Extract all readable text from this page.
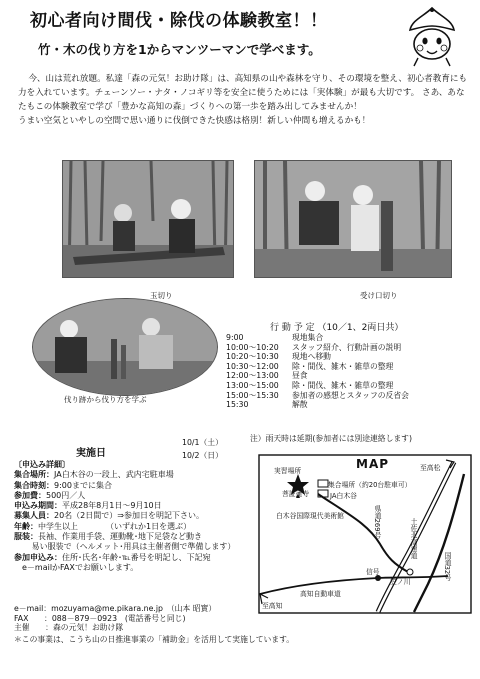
初心者向け間伐・除伐の体験教室！！
竹・木の伐り方を1からマンツーマンで学べます。

今、山は荒れ放題。私達「森の元気！お助け隊」は、高知県の山や森林を守り、その環境を整え、初心者教育にも力を入れています。チェーンソー・ナタ・ノコギリ等を安全に使うためには「実体験」が最も大切です。 さあ、あなたもこの体験教室で学び「豊かな高知の森」づくりへの第一歩を踏み出してみませんか！

うまい空気といやしの空間で思い通りに伐倒できた快感は格別！新しい仲間も増えるかも！

玉切り	受け口切り
伐り跡から伐り方を学ぶ
行 動 予 定 （10／1、2両日共）
9:00	現地集合
10:00〜10:20	スタッフ紹介、行動計画の説明
10:20〜10:30	現地へ移動
10:30〜12:00	除・間伐、雑木・雑草の整理
12:00〜13:00	昼食
13:00〜15:00	除・間伐、雑木・雑草の整理
15:00〜15:30	参加者の感想とスタッフの反省会
15:30	解散
注）雨天時は延期(参加者には別途連絡します)
実施日
10/1（土）
10/2（日）
〔申込み詳細〕
集合場所：JA白木谷の一段上、武内宅駐車場
集合時刻：9:00までに集合
参加費：500円／人
申込み期間：平成28年8月1日〜9月10日
募集人員：20名（2日間で）⇒参加日を明記下さい。
年齢：中学生以上　　　　（いずれか1日を選ぶ）
服装：長袖、作業用手袋、運動靴･地下足袋など動き
易い服装で（ヘルメット･用具は主催者側で準備します）
参加申込み：住所･氏名･年齢･℡番号を明記し、下記宛
e－mailかFAXでお願いします。
e－mail：mozuyama@me.pikara.ne.jp　（山本 昭實）
FAX　　：088－879－0923　(電話番号と同じ)
主催　　：森の元気！お助け隊
＊この事業は、こうち山の日推進事業の「補助金」を活用して実施しています。
MAP
実習場所
集合場所（約20台駐車可）
JA白木谷
菩証蓮寺
白木谷国際現代美術館	県道269号	土佐北高速道
国道32号
信号
笠ノ川
高知自動車道
至高知
至高松
